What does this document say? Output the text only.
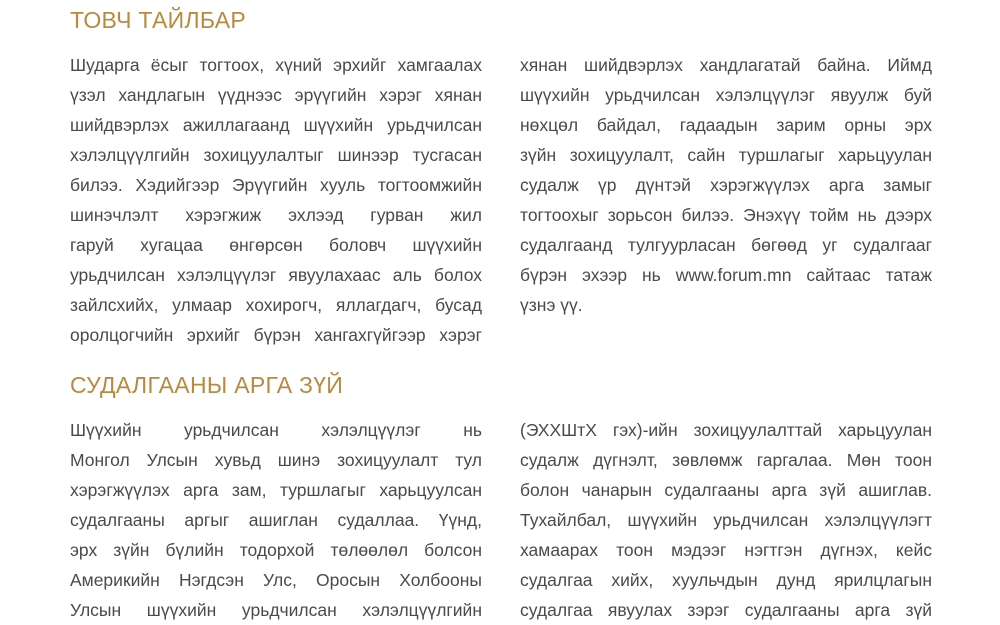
ТОВЧ ТАЙЛБАР
Шударга ёсыг тогтоох, хүний эрхийг хамгаалах
үзэл хандлагын үүднээс эрүүгийн хэрэг хянан
шийдвэрлэх ажиллагаанд шүүхийн урьдчилсан
хэлэлцүүлгийн зохицуулалтыг шинээр тусгасан
билээ. Хэдийгээр Эрүүгийн хууль тогтоомжийн
шинэчлэлт хэрэгжиж эхлээд гурван жил
гаруй хугацаа өнгөрсөн боловч шүүхийн
урьдчилсан хэлэлцүүлэг явуулахаас аль болох
зайлсхийх, улмаар хохирогч, яллагдагч, бусад
оролцогчийн эрхийг бүрэн хангахгүйгээр хэрэг
хянан шийдвэрлэх хандлагатай байна. Иймд
шүүхийн урьдчилсан хэлэлцүүлэг явуулж буй
нөхцөл байдал, гадаадын зарим орны эрх
зүйн зохицуулалт, сайн туршлагыг харьцуулан
судалж үр дүнтэй хэрэгжүүлэх арга замыг
тогтоохыг зорьсон билээ. Энэхүү тойм нь дээрх
судалгаанд тулгуурласан бөгөөд уг судалгааг
бүрэн эхээр нь www.forum.mn сайтаас татаж
үзнэ үү.
СУДАЛГААНЫ АРГА ЗҮЙ
Шүүхийн урьдчилсан хэлэлцүүлэг нь
Монгол Улсын хувьд шинэ зохицуулалт тул
хэрэгжүүлэх арга зам, туршлагыг харьцуулсан
судалгааны аргыг ашиглан судаллаа. Үүнд,
эрх зүйн бүлийн тодорхой төлөөлөл болсон
Америкийн Нэгдсэн Улс, Оросын Холбооны
Улсын шүүхийн урьдчилсан хэлэлцүүлгийн
(ЭХХШтХ гэх)-ийн зохицуулалттай харьцуулан
судалж дүгнэлт, зөвлөмж гаргалаа. Мөн тоон
болон чанарын судалгааны арга зүй ашиглав.
Тухайлбал, шүүхийн урьдчилсан хэлэлцүүлэгт
хамаарах тоон мэдээг нэгтгэн дүгнэх, кейс
судалгаа хийх, хуульчдын дунд ярилцлагын
судалгаа явуулах зэрэг судалгааны арга зүй
